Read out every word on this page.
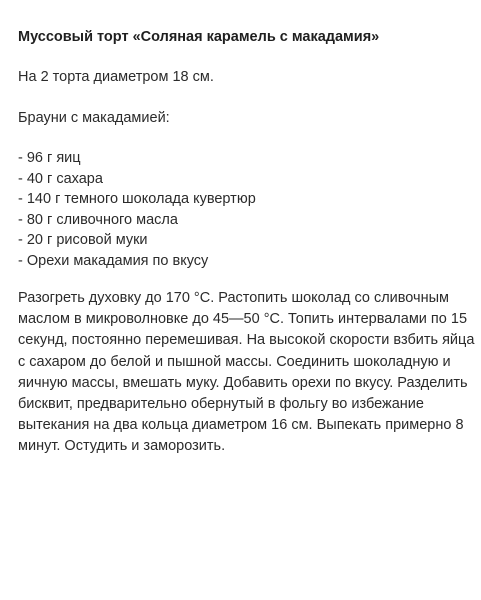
Муссовый торт «Соляная карамель с макадамия»

На 2 торта диаметром 18 см.

Брауни с макадамией:

- 96 г яиц
- 40 г сахара
- 140 г темного шоколада кувертюр
- 80 г сливочного масла
- 20 г рисовой муки
- Орехи макадамия по вкусу
Разогреть духовку до 170 °С. Растопить шоколад со сливочным
маслом в микроволновке до 45—50 °С. Топить интервалами по 15
секунд, постоянно перемешивая. На высокой скорости взбить яйца
с сахаром до белой и пышной массы. Соединить шоколадную и
яичную массы, вмешать муку. Добавить орехи по вкусу. Разделить
бисквит, предварительно обернутый в фольгу во избежание
вытекания на два кольца диаметром 16 см. Выпекать примерно 8
минут. Остудить и заморозить.
